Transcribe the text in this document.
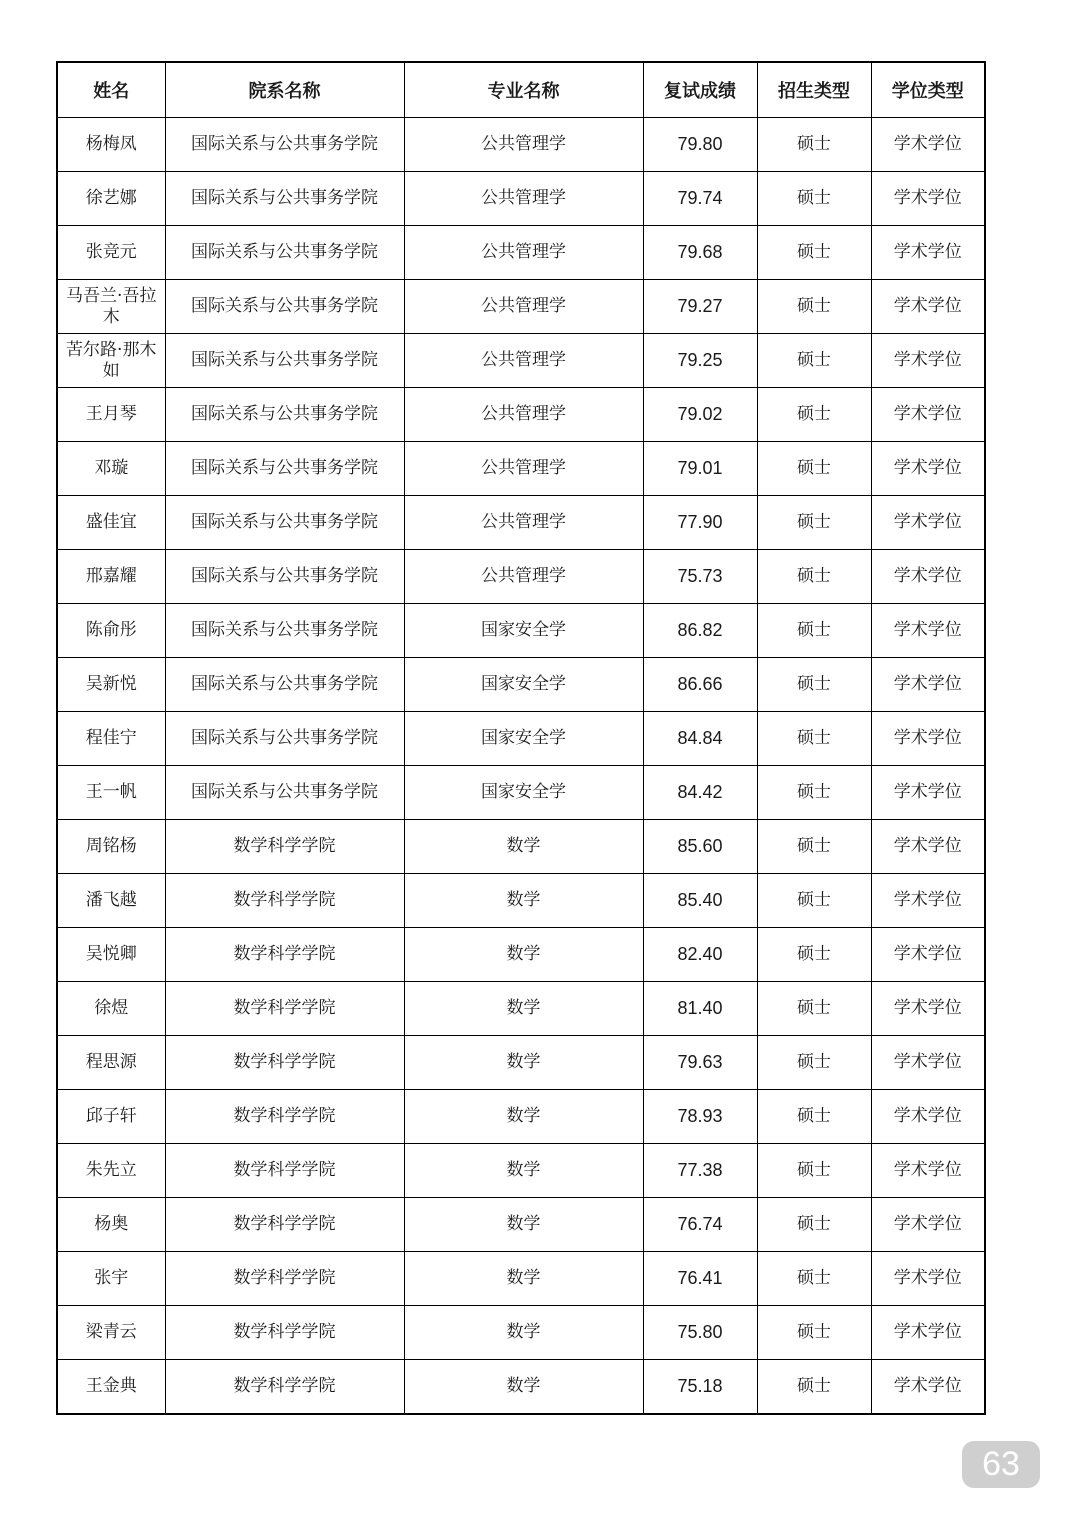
姓名	院系名称	专业名称	复试成绩	招生类型	学位类型
杨梅凤	国际关系与公共事务学院	公共管理学	79.80	硕士	学术学位
徐艺娜	国际关系与公共事务学院	公共管理学	79.74	硕士	学术学位
张竞元	国际关系与公共事务学院	公共管理学	79.68	硕士	学术学位
马吾兰·吾拉木	国际关系与公共事务学院	公共管理学	79.27	硕士	学术学位
苦尔路·那木如	国际关系与公共事务学院	公共管理学	79.25	硕士	学术学位
王月琴	国际关系与公共事务学院	公共管理学	79.02	硕士	学术学位
邓璇	国际关系与公共事务学院	公共管理学	79.01	硕士	学术学位
盛佳宜	国际关系与公共事务学院	公共管理学	77.90	硕士	学术学位
邢嘉耀	国际关系与公共事务学院	公共管理学	75.73	硕士	学术学位
陈俞彤	国际关系与公共事务学院	国家安全学	86.82	硕士	学术学位
吴新悦	国际关系与公共事务学院	国家安全学	86.66	硕士	学术学位
程佳宁	国际关系与公共事务学院	国家安全学	84.84	硕士	学术学位
王一帆	国际关系与公共事务学院	国家安全学	84.42	硕士	学术学位
周铭杨	数学科学学院	数学	85.60	硕士	学术学位
潘飞越	数学科学学院	数学	85.40	硕士	学术学位
吴悦卿	数学科学学院	数学	82.40	硕士	学术学位
徐煜	数学科学学院	数学	81.40	硕士	学术学位
程思源	数学科学学院	数学	79.63	硕士	学术学位
邱子轩	数学科学学院	数学	78.93	硕士	学术学位
朱先立	数学科学学院	数学	77.38	硕士	学术学位
杨奥	数学科学学院	数学	76.74	硕士	学术学位
张宇	数学科学学院	数学	76.41	硕士	学术学位
梁青云	数学科学学院	数学	75.80	硕士	学术学位
王金典	数学科学学院	数学	75.18	硕士	学术学位
63
